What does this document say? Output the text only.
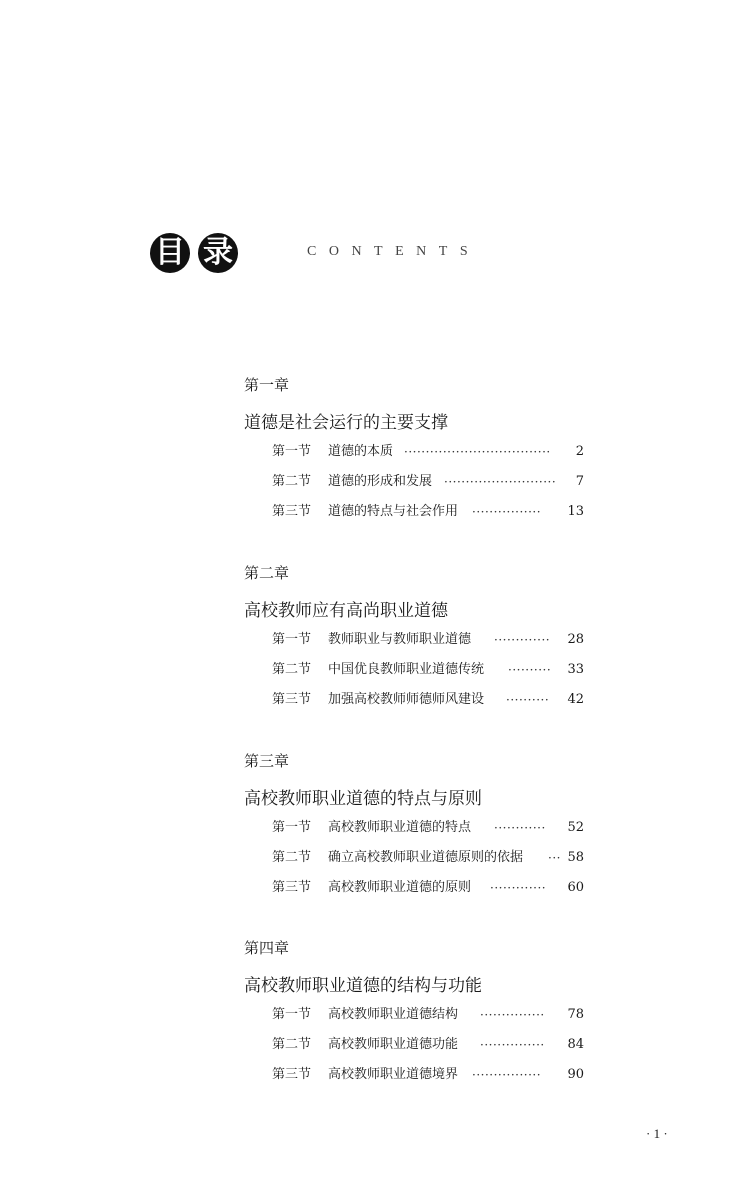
目 录	CONTENTS
第一章
道德是社会运行的主要支撑
第一节 道德的本质 ··································	2
第二节 道德的形成和发展 ··························	7
第三节 道德的特点与社会作用 ················	13
第二章
高校教师应有高尚职业道德
第一节 教师职业与教师职业道德 ·············	28
第二节 中国优良教师职业道德传统 ··········	33
第三节 加强高校教师师德师风建设 ··········	42
第三章
高校教师职业道德的特点与原则
第一节 高校教师职业道德的特点 ············	52
第二节 确立高校教师职业道德原则的依据 ··· 58
第三节 高校教师职业道德的原则 ·············	60
第四章
高校教师职业道德的结构与功能
第一节 高校教师职业道德结构 ···············	78
第二节 高校教师职业道德功能 ···············	84
第三节 高校教师职业道德境界 ················	90
· 1 ·
